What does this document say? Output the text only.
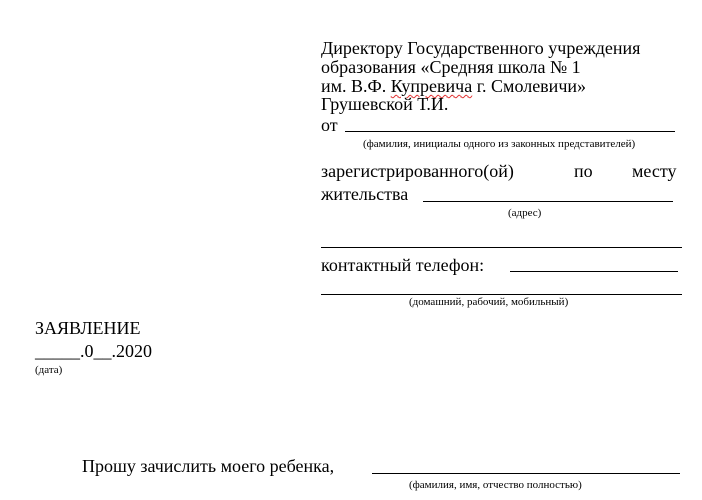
Директору Государственного учреждения
образования «Средняя школа № 1
им. В.Ф. Купревича г. Смолевичи»
Грушевской Т.И.
от
(фамилия, инициалы одного из законных представителей)
зарегистрированного(ой)	по месту
жительства
(адрес)
контактный телефон:
(домашний, рабочий, мобильный)
ЗАЯВЛЕНИЕ
_____.0__.2020
(дата)
Прошу зачислить моего ребенка,
(фамилия, имя, отчество полностью)
